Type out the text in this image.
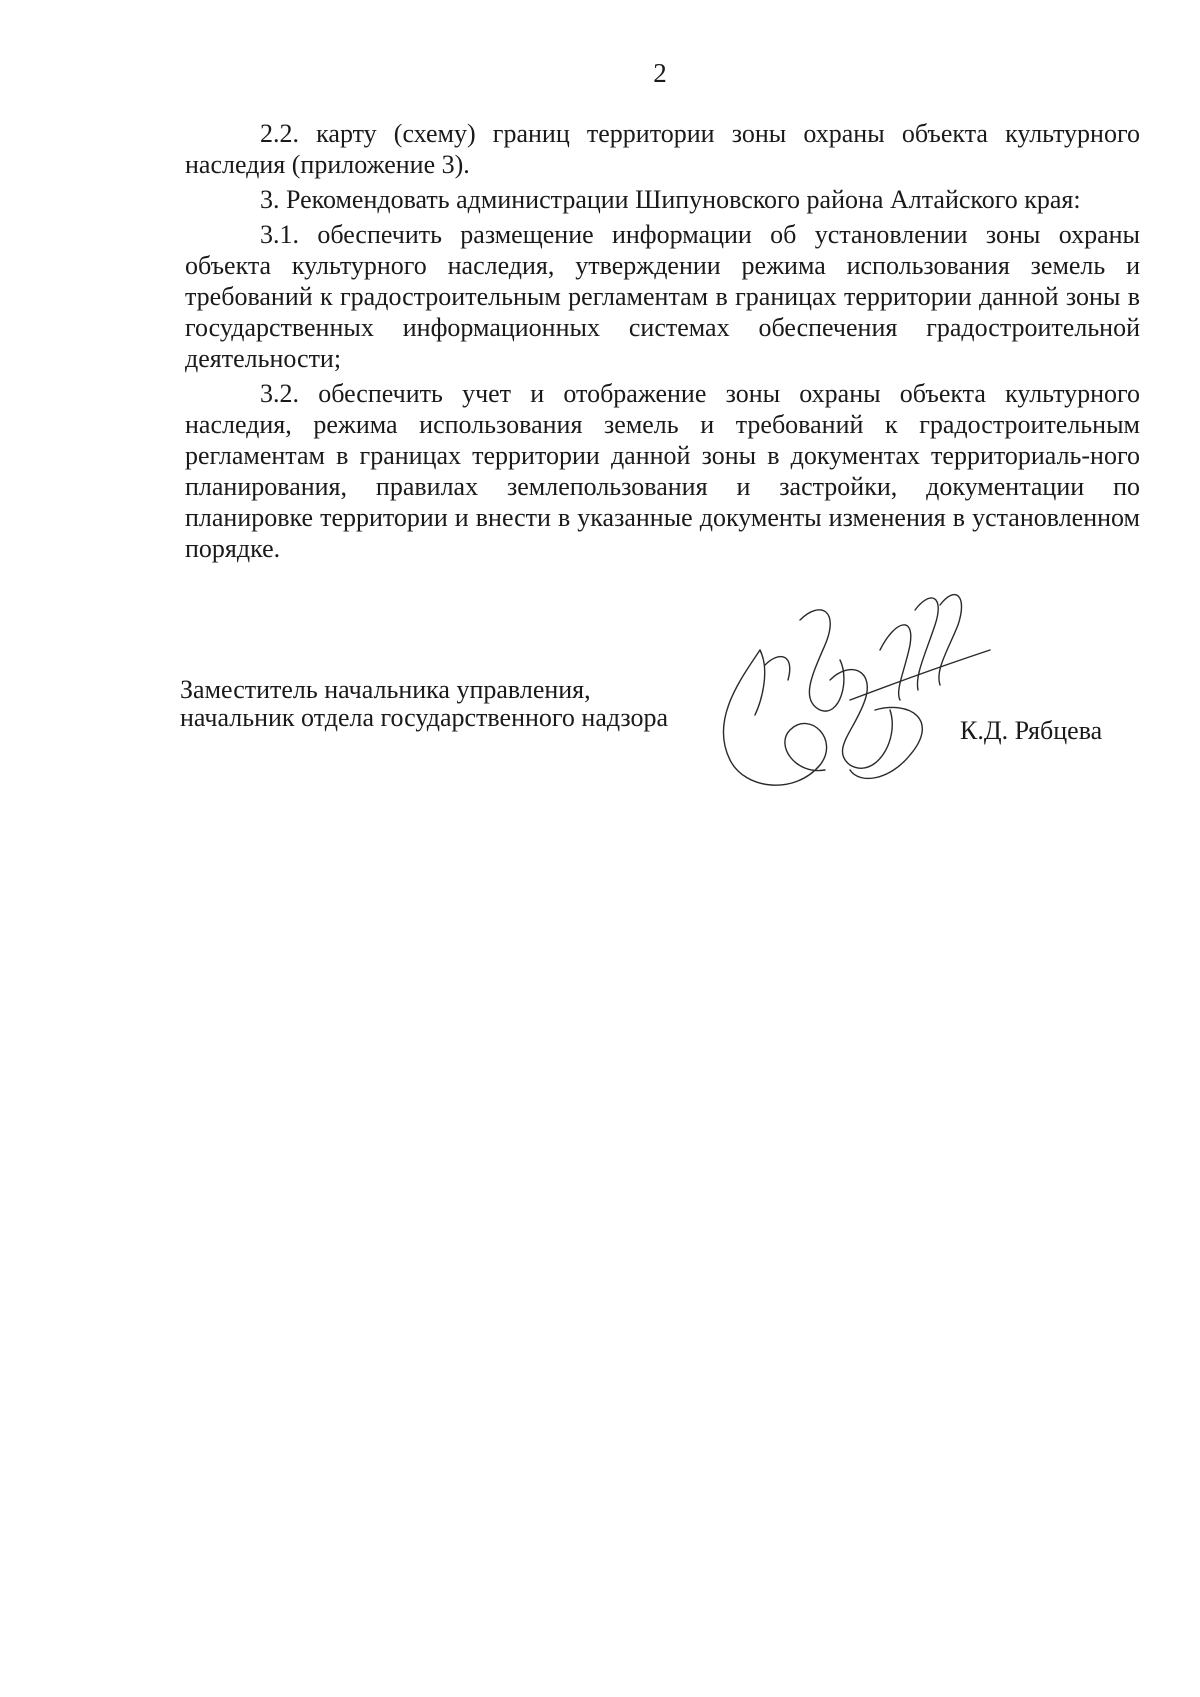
2

2.2. карту (схему) границ территории зоны охраны объекта культурного наследия (приложение 3).

3. Рекомендовать администрации Шипуновского района Алтайского края:

3.1. обеспечить размещение информации об установлении зоны охраны объекта культурного наследия, утверждении режима использования земель и требований к градостроительным регламентам в границах территории данной зоны в государственных информационных системах обеспечения градостроительной деятельности;

3.2. обеспечить учет и отображение зоны охраны объекта культурного наследия, режима использования земель и требований к градостроительным регламентам в границах территории данной зоны в документах территориаль-ного планирования, правилах землепользования и застройки, документации по планировке территории и внести в указанные документы изменения в установленном порядке.

Заместитель начальника управления,
начальник отдела государственного надзора	К.Д. Рябцева
